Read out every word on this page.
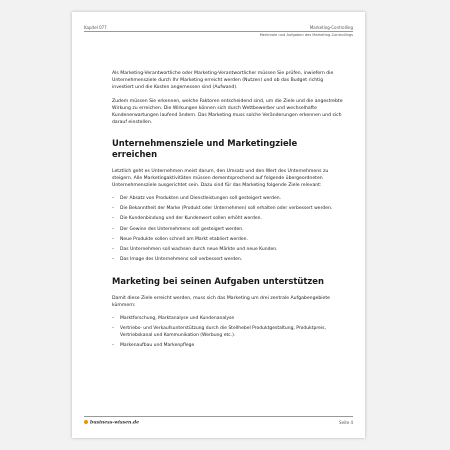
Kapitel 077	Marketing-Controlling
Merkmale und Aufgaben des Marketing-Controllings

Als Marketing-Verantwortliche oder Marketing-Verantwortlicher müssen Sie prüfen, inwiefern die Unternehmensziele durch Ihr Marketing erreicht werden (Nutzen) und ob das Budget richtig investiert und die Kosten angemessen sind (Aufwand).

Zudem müssen Sie erkennen, welche Faktoren entscheidend sind, um die Ziele und die angestrebte Wirkung zu erreichen. Die Wirkungen können sich durch Wettbewerber und wechselhafte Kundenerwartungen laufend ändern. Das Marketing muss solche Veränderungen erkennen und sich darauf einstellen.

Unternehmensziele und Marketingziele erreichen

Letztlich geht es Unternehmen meist darum, den Umsatz und den Wert des Unternehmens zu steigern. Alle Marketingaktivitäten müssen dementsprechend auf folgende übergeordneten Unternehmensziele ausgerichtet sein. Dazu sind für das Marketing folgende Ziele relevant:

– Der Absatz von Produkten und Dienstleistungen soll gesteigert werden.
– Die Bekanntheit der Marke (Produkt oder Unternehmen) soll erhalten oder verbessert werden.
– Die Kundenbindung und der Kundenwert sollen erhöht werden.
– Der Gewinn des Unternehmens soll gesteigert werden.
– Neue Produkte sollen schnell am Markt etabliert werden.
– Das Unternehmen soll wachsen durch neue Märkte und neue Kunden.
– Das Image des Unternehmens soll verbessert werden.
Marketing bei seinen Aufgaben unterstützen

Damit diese Ziele erreicht werden, muss sich das Marketing um drei zentrale Aufgabengebiete kümmern:

– Marktforschung, Marktanalyse und Kundenanalyse
– Vertriebs- und Verkaufsunterstützung durch die Stellhebel Produktgestaltung, Produktpreis, Vertriebskanal und Kommunikation (Werbung etc.).
– Markenaufbau und Markenpflege
business-wissen.de	Seite 4
